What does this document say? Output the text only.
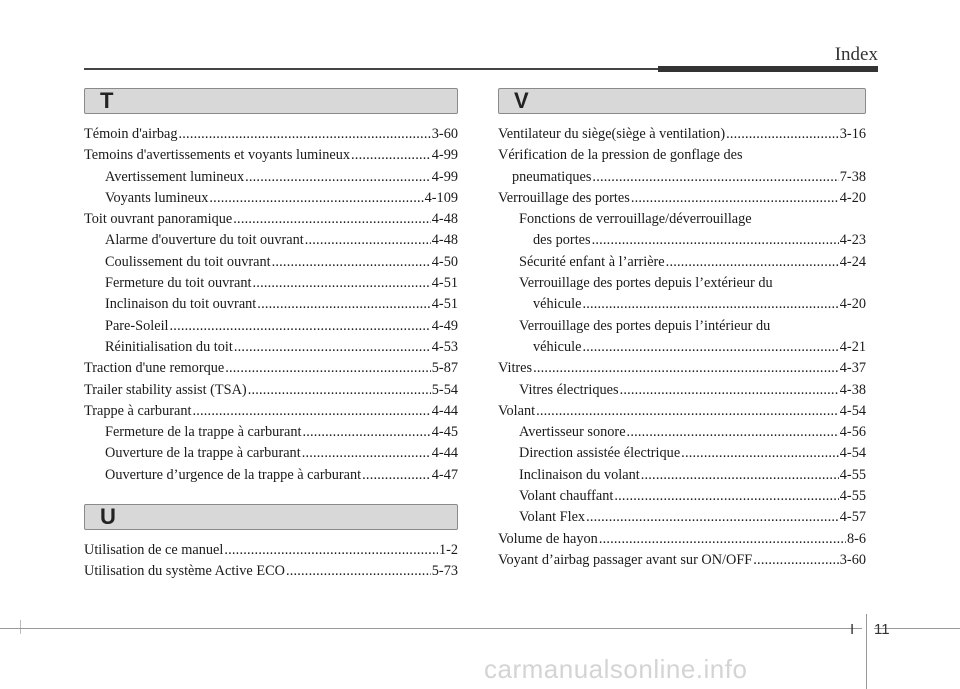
Index
T
Témoin d'airbag .....	3-60
Temoins d'avertissements et voyants lumineux .....	4-99
Avertissement lumineux .....	4-99
Voyants lumineux .....	4-109
Toit ouvrant panoramique .....	4-48
Alarme d'ouverture du toit ouvrant .....	4-48
Coulissement du toit ouvrant .....	4-50
Fermeture du toit ouvrant .....	4-51
Inclinaison du toit ouvrant .....	4-51
Pare-Soleil .....	4-49
Réinitialisation du toit .....	4-53
Traction d'une remorque .....	5-87
Trailer stability assist (TSA) .....	5-54
Trappe à carburant .....	4-44
Fermeture de la trappe à carburant .....	4-45
Ouverture de la trappe à carburant .....	4-44
Ouverture d’urgence de la trappe à carburant .....	4-47
U
Utilisation de ce manuel .....	1-2
Utilisation du système Active ECO .....	5-73
V
Ventilateur du siège(siège à ventilation) .....	3-16
Vérification de la pression de gonflage des
pneumatiques .....	7-38
Verrouillage des portes .....	4-20
Fonctions de verrouillage/déverrouillage
des portes .....	4-23
Sécurité enfant à l’arrière .....	4-24
Verrouillage des portes depuis l’extérieur du
véhicule .....	4-20
Verrouillage des portes depuis l’intérieur du
véhicule .....	4-21
Vitres .....	4-37
Vitres électriques .....	4-38
Volant .....	4-54
Avertisseur sonore .....	4-56
Direction assistée électrique .....	4-54
Inclinaison du volant .....	4-55
Volant chauffant .....	4-55
Volant Flex .....	4-57
Volume de hayon .....	8-6
Voyant d’airbag passager avant sur ON/OFF .....	3-60
I 11
carmanualsonline.info
